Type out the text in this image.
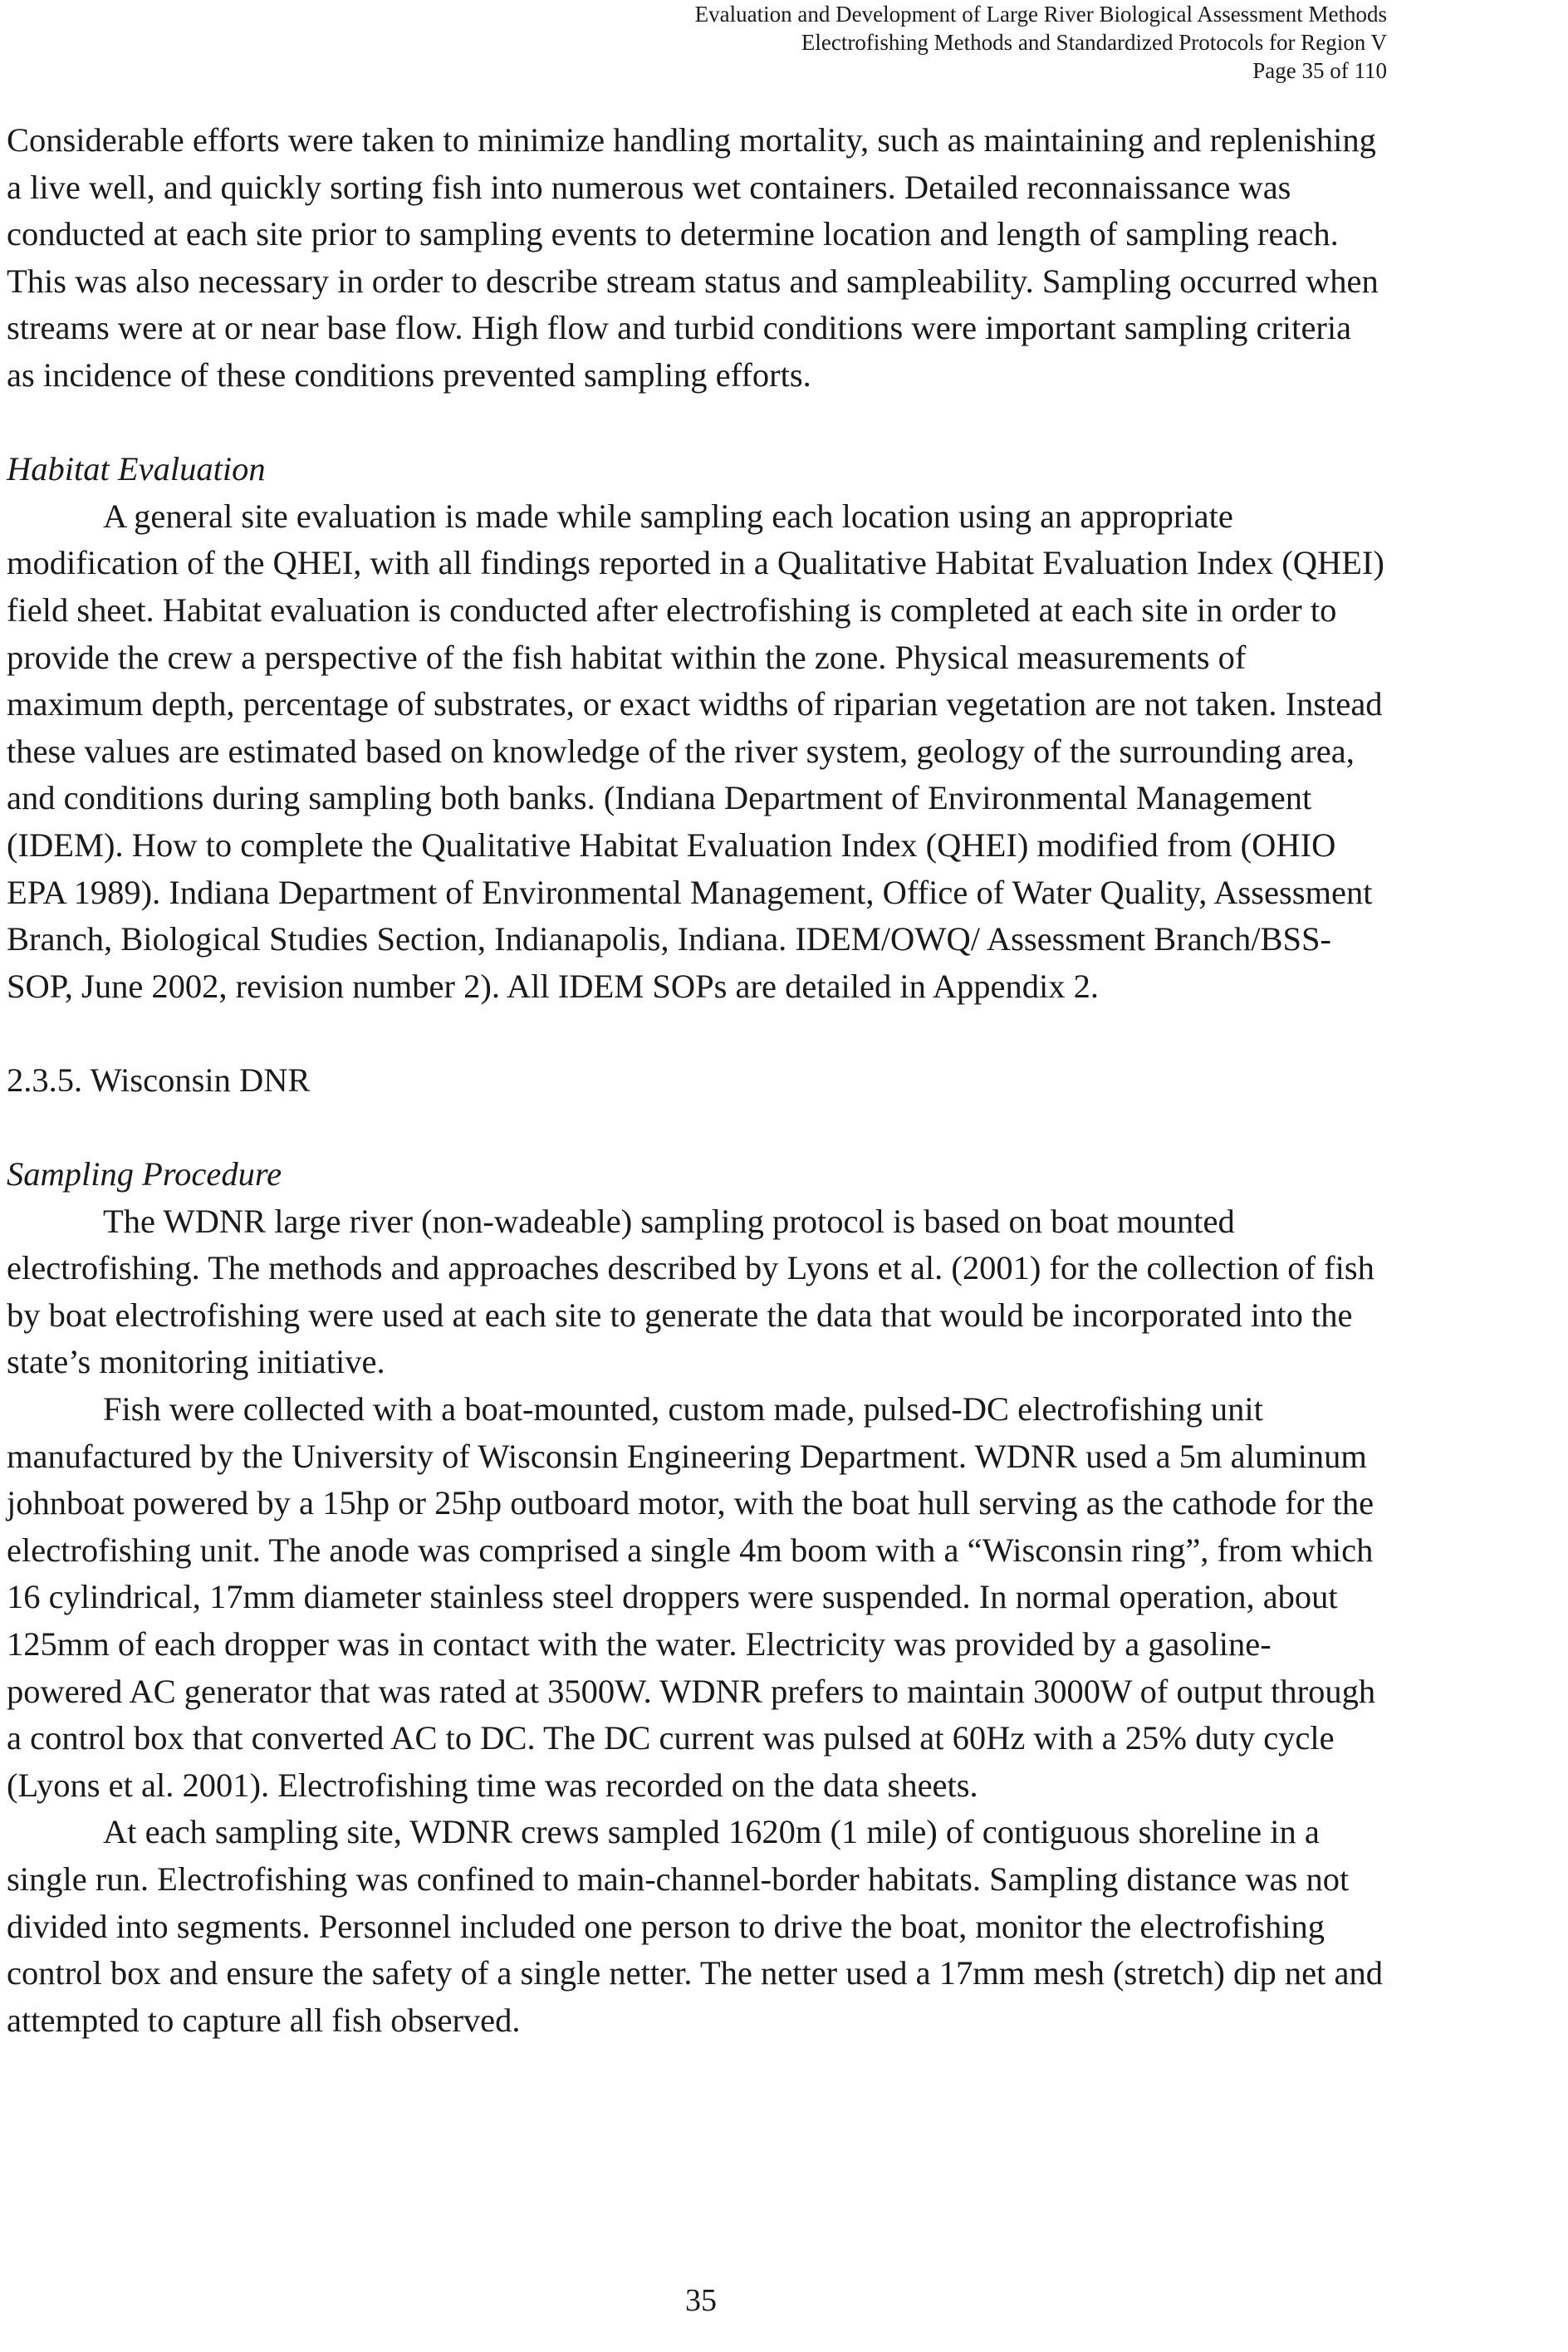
Evaluation and Development of Large River Biological Assessment Methods
Electrofishing Methods and Standardized Protocols for Region V
Page 35 of 110

Considerable efforts were taken to minimize handling mortality, such as maintaining and replenishing a live well, and quickly sorting fish into numerous wet containers. Detailed reconnaissance was conducted at each site prior to sampling events to determine location and length of sampling reach. This was also necessary in order to describe stream status and sampleability. Sampling occurred when streams were at or near base flow. High flow and turbid conditions were important sampling criteria as incidence of these conditions prevented sampling efforts.

Habitat Evaluation

A general site evaluation is made while sampling each location using an appropriate modification of the QHEI, with all findings reported in a Qualitative Habitat Evaluation Index (QHEI) field sheet. Habitat evaluation is conducted after electrofishing is completed at each site in order to provide the crew a perspective of the fish habitat within the zone. Physical measurements of maximum depth, percentage of substrates, or exact widths of riparian vegetation are not taken. Instead these values are estimated based on knowledge of the river system, geology of the surrounding area, and conditions during sampling both banks. (Indiana Department of Environmental Management (IDEM). How to complete the Qualitative Habitat Evaluation Index (QHEI) modified from (OHIO EPA 1989). Indiana Department of Environmental Management, Office of Water Quality, Assessment Branch, Biological Studies Section, Indianapolis, Indiana. IDEM/OWQ/ Assessment Branch/BSS-SOP, June 2002, revision number 2). All IDEM SOPs are detailed in Appendix 2.

2.3.5. Wisconsin DNR

Sampling Procedure

The WDNR large river (non-wadeable) sampling protocol is based on boat mounted electrofishing. The methods and approaches described by Lyons et al. (2001) for the collection of fish by boat electrofishing were used at each site to generate the data that would be incorporated into the state’s monitoring initiative.

Fish were collected with a boat-mounted, custom made, pulsed-DC electrofishing unit manufactured by the University of Wisconsin Engineering Department. WDNR used a 5m aluminum johnboat powered by a 15hp or 25hp outboard motor, with the boat hull serving as the cathode for the electrofishing unit. The anode was comprised a single 4m boom with a “Wisconsin ring”, from which 16 cylindrical, 17mm diameter stainless steel droppers were suspended. In normal operation, about 125mm of each dropper was in contact with the water. Electricity was provided by a gasoline-powered AC generator that was rated at 3500W. WDNR prefers to maintain 3000W of output through a control box that converted AC to DC. The DC current was pulsed at 60Hz with a 25% duty cycle (Lyons et al. 2001). Electrofishing time was recorded on the data sheets.

At each sampling site, WDNR crews sampled 1620m (1 mile) of contiguous shoreline in a single run. Electrofishing was confined to main-channel-border habitats. Sampling distance was not divided into segments. Personnel included one person to drive the boat, monitor the electrofishing control box and ensure the safety of a single netter. The netter used a 17mm mesh (stretch) dip net and attempted to capture all fish observed.

35
